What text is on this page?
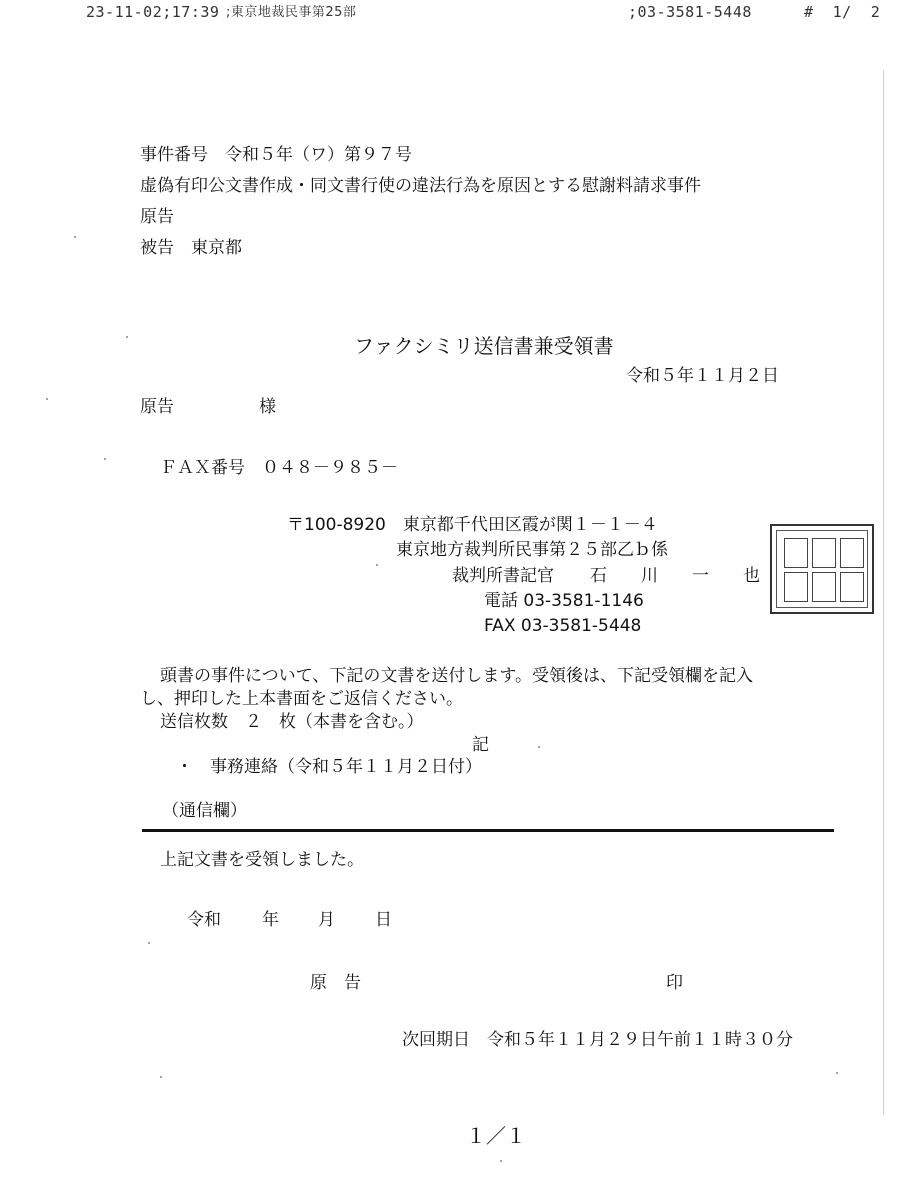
23-11-02;17:39 ;東京地裁民事第25部	;03-3581-5448	#  1/  2
事件番号　令和５年（ワ）第９７号
虚偽有印公文書作成・同文書行使の違法行為を原因とする慰謝料請求事件
原告
被告　東京都
ファクシミリ送信書兼受領書
令和５年１１月２日
原告　　　　　様
ＦＡＸ番号　０４８－９８５－
〒100-8920　東京都千代田区霞が関１－１－４
東京地方裁判所民事第２５部乙ｂ係
裁判所書記官 石　　川　　一　　也
電話 03-3581-1146
FAX 03-3581-5448
頭書の事件について、下記の文書を送付します。受領後は、下記受領欄を記入
し、押印した上本書面をご返信ください。
送信枚数　２　枚（本書を含む。）
記
・　事務連絡（令和５年１１月２日付）
（通信欄）
上記文書を受領しました。
令和 年 月 日
原　告	印
次回期日　令和５年１１月２９日午前１１時３０分
１／１
